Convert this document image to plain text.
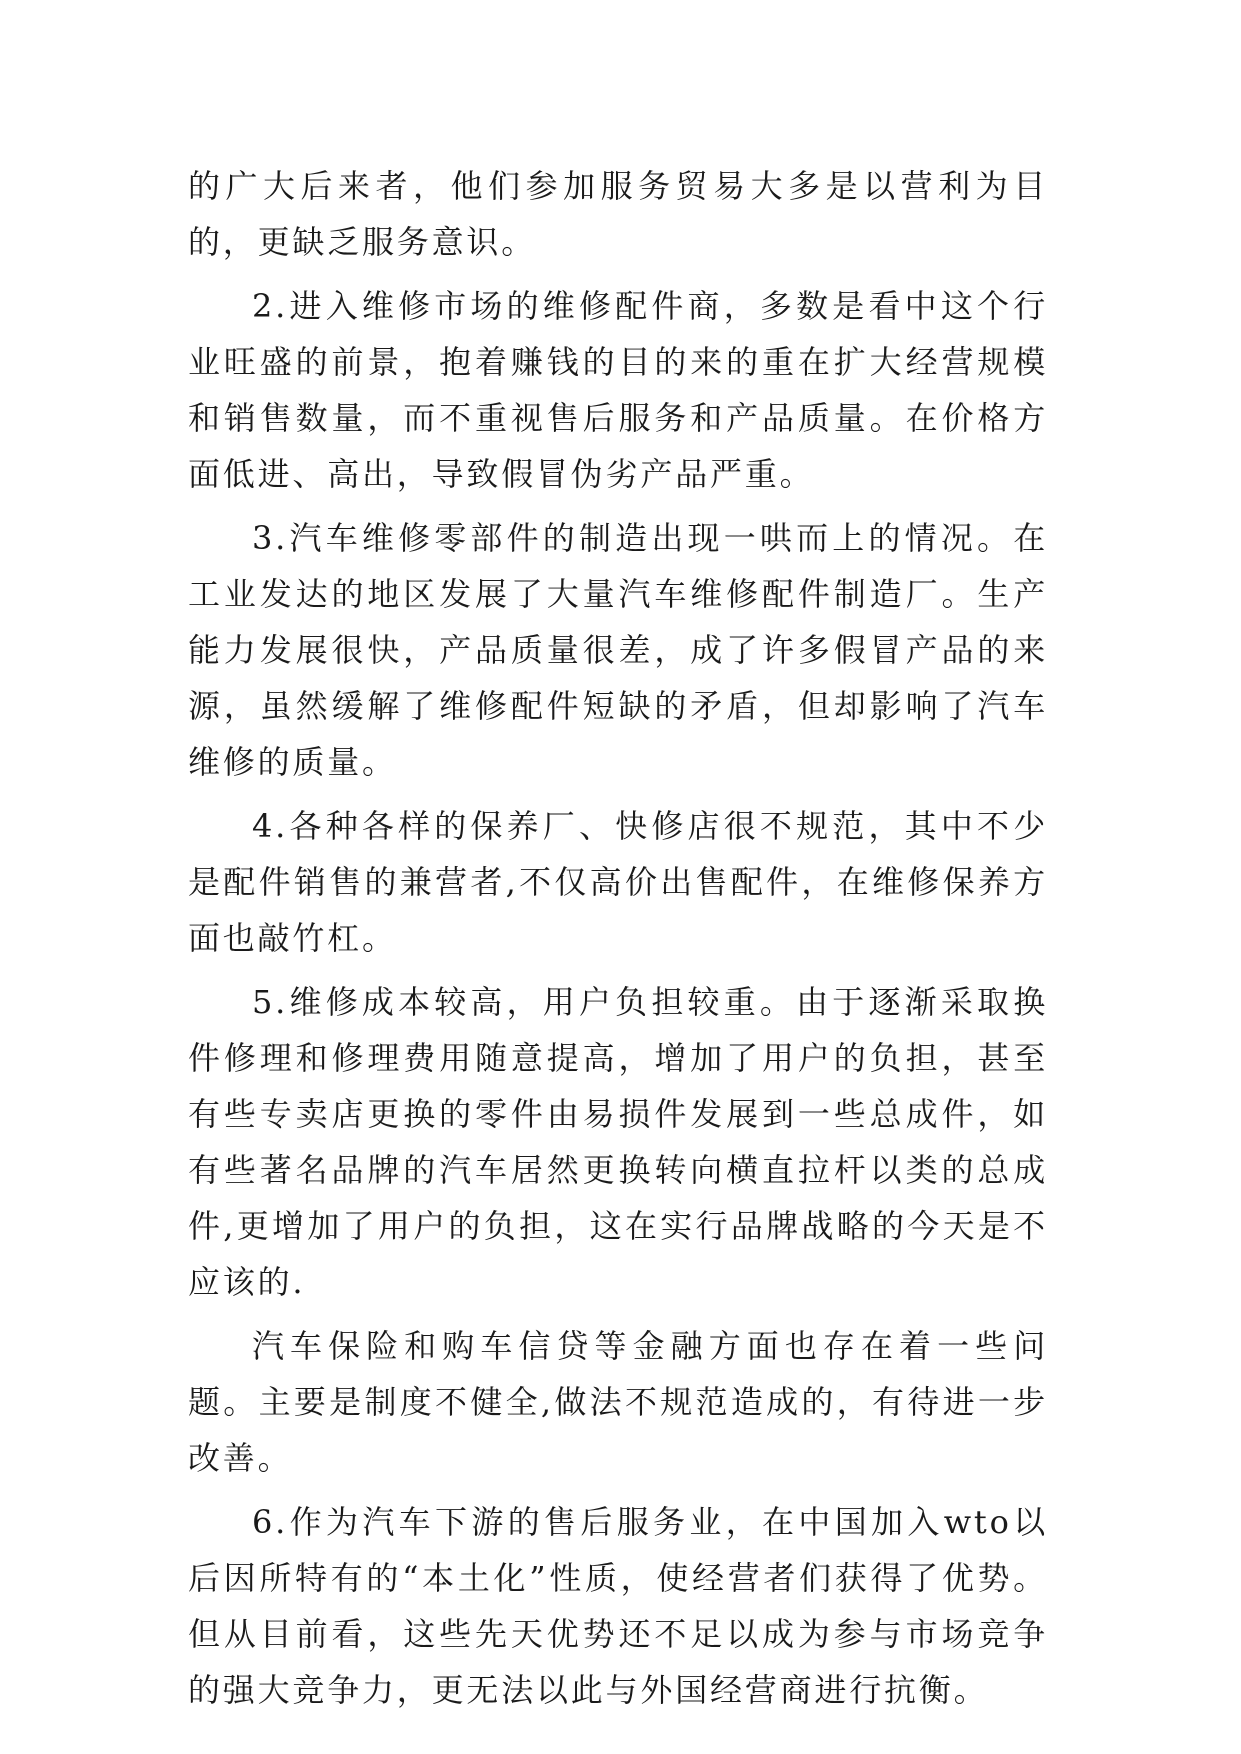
的广大后来者，他们参加服务贸易大多是以营利为目的，更缺乏服务意识。

2.进入维修市场的维修配件商，多数是看中这个行业旺盛的前景，抱着赚钱的目的来的重在扩大经营规模和销售数量，而不重视售后服务和产品质量。在价格方面低进、高出，导致假冒伪劣产品严重。

3.汽车维修零部件的制造出现一哄而上的情况。在工业发达的地区发展了大量汽车维修配件制造厂。生产能力发展很快，产品质量很差，成了许多假冒产品的来源，虽然缓解了维修配件短缺的矛盾，但却影响了汽车维修的质量。

4.各种各样的保养厂、快修店很不规范，其中不少是配件销售的兼营者,不仅高价出售配件，在维修保养方面也敲竹杠。

5.维修成本较高，用户负担较重。由于逐渐采取换件修理和修理费用随意提高，增加了用户的负担，甚至有些专卖店更换的零件由易损件发展到一些总成件，如有些著名品牌的汽车居然更换转向横直拉杆以类的总成件,更增加了用户的负担，这在实行品牌战略的今天是不应该的.

汽车保险和购车信贷等金融方面也存在着一些问题。主要是制度不健全,做法不规范造成的，有待进一步改善。

6.作为汽车下游的售后服务业，在中国加入wto以后因所特有的“本土化”性质，使经营者们获得了优势。但从目前看，这些先天优势还不足以成为参与市场竞争的强大竞争力，更无法以此与外国经营商进行抗衡。
